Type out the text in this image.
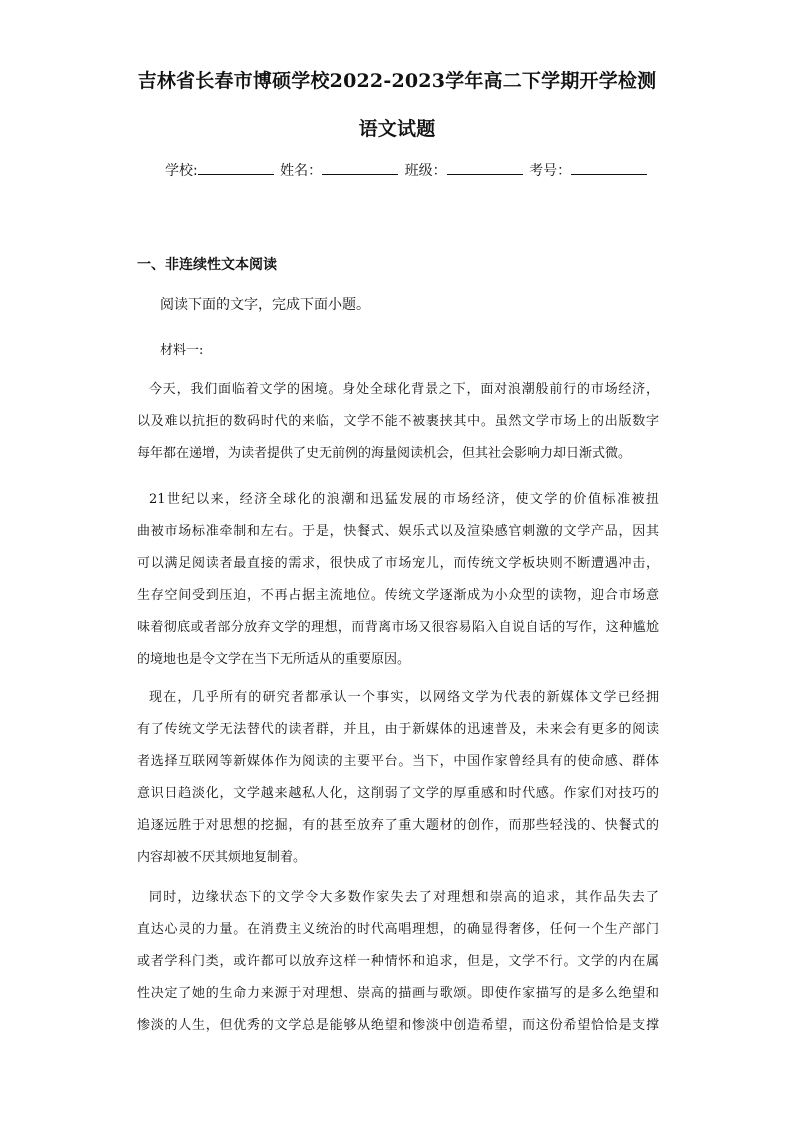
吉林省长春市博硕学校2022-2023学年高二下学期开学检测
语文试题
学校:	姓名：	班级：	考号：
一、非连续性文本阅读
阅读下面的文字，完成下面小题。
材料一:
今天，我们面临着文学的困境。身处全球化背景之下，面对浪潮般前行的市场经济，
以及难以抗拒的数码时代的来临，文学不能不被裹挟其中。虽然文学市场上的出版数字
每年都在递增，为读者提供了史无前例的海量阅读机会，但其社会影响力却日渐式微。
21世纪以来，经济全球化的浪潮和迅猛发展的市场经济，使文学的价值标准被扭
曲被市场标准牵制和左右。于是，快餐式、娱乐式以及渲染感官刺激的文学产品，因其
可以满足阅读者最直接的需求，很快成了市场宠儿，而传统文学板块则不断遭遇冲击，
生存空间受到压迫，不再占据主流地位。传统文学逐渐成为小众型的读物，迎合市场意
味着彻底或者部分放弃文学的理想，而背离市场又很容易陷入自说自话的写作，这种尴尬
的境地也是令文学在当下无所适从的重要原因。
现在，几乎所有的研究者都承认一个事实，以网络文学为代表的新媒体文学已经拥
有了传统文学无法替代的读者群，并且，由于新媒体的迅速普及，未来会有更多的阅读
者选择互联网等新媒体作为阅读的主要平台。当下，中国作家曾经具有的使命感、群体
意识日趋淡化，文学越来越私人化，这削弱了文学的厚重感和时代感。作家们对技巧的
追逐远胜于对思想的挖掘，有的甚至放弃了重大题材的创作，而那些轻浅的、快餐式的
内容却被不厌其烦地复制着。
同时，边缘状态下的文学令大多数作家失去了对理想和崇高的追求，其作品失去了
直达心灵的力量。在消费主义统治的时代高唱理想，的确显得奢侈，任何一个生产部门
或者学科门类，或许都可以放弃这样一种情怀和追求，但是，文学不行。文学的内在属
性决定了她的生命力来源于对理想、崇高的描画与歌颂。即使作家描写的是多么绝望和
惨淡的人生，但优秀的文学总是能够从绝望和惨淡中创造希望，而这份希望恰恰是支撑
